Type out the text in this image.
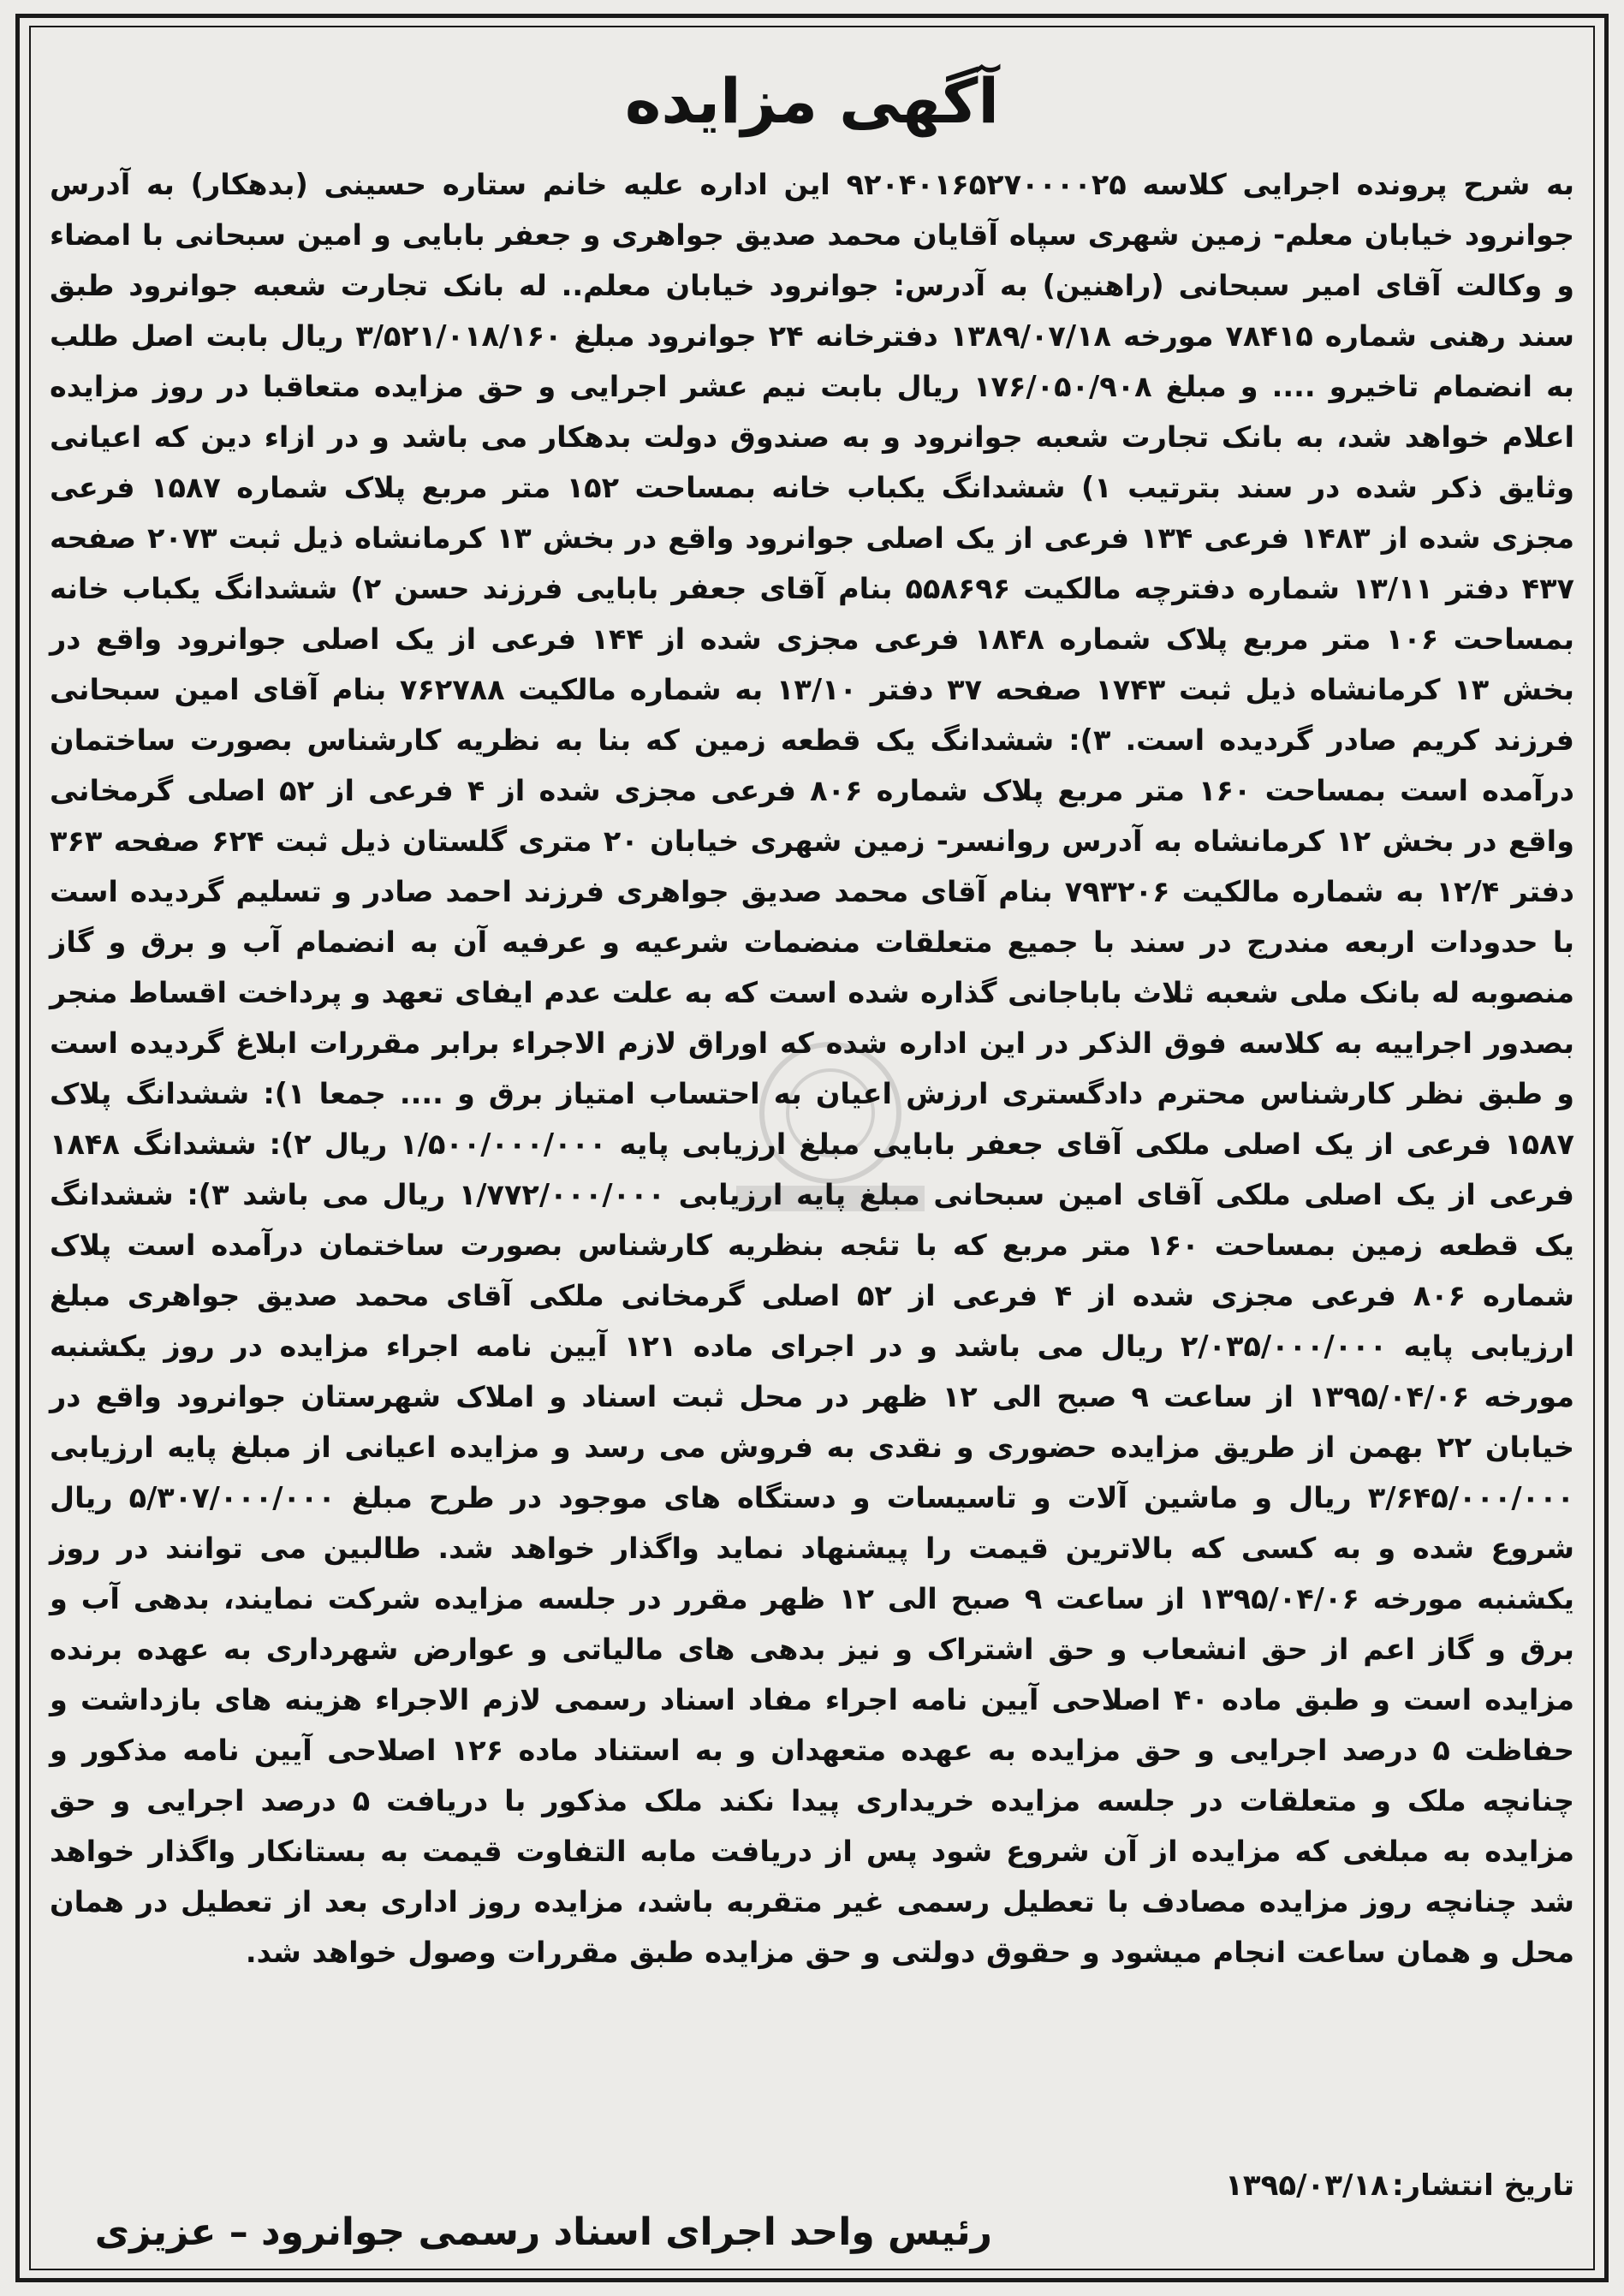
آگهی مزایده

به شرح پرونده اجرایی کلاسه ۹۲۰۴۰۱۶۵۲۷۰۰۰۰۲۵ این اداره علیه خانم ستاره حسینی (بدهکار) به آدرس جوانرود خیابان معلم- زمین شهری سپاه آقایان محمد صدیق جواهری و جعفر بابایی و امین سبحانی با امضاء و وکالت آقای امیر سبحانی (راهنین) به آدرس: جوانرود خیابان معلم.. له بانک تجارت شعبه جوانرود طبق سند رهنی شماره ۷۸۴۱۵ مورخه ۱۳۸۹/۰۷/۱۸ دفترخانه ۲۴ جوانرود مبلغ ۳/۵۲۱/۰۱۸/۱۶۰ ریال بابت اصل طلب به انضمام تاخیرو .... و مبلغ ۱۷۶/۰۵۰/۹۰۸ ریال بابت نیم عشر اجرایی و حق مزایده متعاقبا در روز مزایده اعلام خواهد شد، به بانک تجارت شعبه جوانرود و به صندوق دولت بدهکار می باشد و در ازاء دین که اعیانی وثایق ذکر شده در سند بترتیب ۱) ششدانگ یکباب خانه بمساحت ۱۵۲ متر مربع پلاک شماره ۱۵۸۷ فرعی مجزی شده از ۱۴۸۳ فرعی ۱۳۴ فرعی از یک اصلی جوانرود واقع در بخش ۱۳ کرمانشاه ذیل ثبت ۲۰۷۳ صفحه ۴۳۷ دفتر ۱۳/۱۱ شماره دفترچه مالکیت ۵۵۸۶۹۶ بنام آقای جعفر بابایی فرزند حسن ۲) ششدانگ یکباب خانه بمساحت ۱۰۶ متر مربع پلاک شماره ۱۸۴۸ فرعی مجزی شده از ۱۴۴ فرعی از یک اصلی جوانرود واقع در بخش ۱۳ کرمانشاه ذیل ثبت ۱۷۴۳ صفحه ۳۷ دفتر ۱۳/۱۰ به شماره مالکیت ۷۶۲۷۸۸ بنام آقای امین سبحانی فرزند کریم صادر گردیده است. ۳): ششدانگ یک قطعه زمین که بنا به نظریه کارشناس بصورت ساختمان درآمده است بمساحت ۱۶۰ متر مربع پلاک شماره ۸۰۶ فرعی مجزی شده از ۴ فرعی از ۵۲ اصلی گرمخانی واقع در بخش ۱۲ کرمانشاه به آدرس روانسر- زمین شهری خیابان ۲۰ متری گلستان ذیل ثبت ۶۲۴ صفحه ۳۶۳ دفتر ۱۲/۴ به شماره مالکیت ۷۹۳۲۰۶ بنام آقای محمد صدیق جواهری فرزند احمد صادر و تسلیم گردیده است با حدودات اربعه مندرج در سند با جمیع متعلقات منضمات شرعیه و عرفیه آن به انضمام آب و برق و گاز منصوبه له بانک ملی شعبه ثلاث باباجانی گذاره شده است که به علت عدم ایفای تعهد و پرداخت اقساط منجر بصدور اجراییه به کلاسه فوق الذکر در این اداره شده که اوراق لازم الاجراء برابر مقررات ابلاغ گردیده است و طبق نظر کارشناس محترم دادگستری ارزش اعیان به احتساب امتیاز برق و .... جمعا ۱): ششدانگ پلاک ۱۵۸۷ فرعی از یک اصلی ملکی آقای جعفر بابایی مبلغ ارزیابی پایه ۱/۵۰۰/۰۰۰/۰۰۰ ریال ۲): ششدانگ ۱۸۴۸ فرعی از یک اصلی ملکی آقای امین سبحانی مبلغ پایه ارزیابی ۱/۷۷۲/۰۰۰/۰۰۰ ریال می باشد ۳): ششدانگ یک قطعه زمین بمساحت ۱۶۰ متر مربع که با تئجه بنظریه کارشناس بصورت ساختمان درآمده است پلاک شماره ۸۰۶ فرعی مجزی شده از ۴ فرعی از ۵۲ اصلی گرمخانی ملکی آقای محمد صدیق جواهری مبلغ ارزیابی پایه ۲/۰۳۵/۰۰۰/۰۰۰ ریال می باشد و در اجرای ماده ۱۲۱ آیین نامه اجراء مزایده در روز یکشنبه مورخه ۱۳۹۵/۰۴/۰۶ از ساعت ۹ صبح الی ۱۲ ظهر در محل ثبت اسناد و املاک شهرستان جوانرود واقع در خیابان ۲۲ بهمن از طریق مزایده حضوری و نقدی به فروش می رسد و مزایده اعیانی از مبلغ پایه ارزیابی ۳/۶۴۵/۰۰۰/۰۰۰ ریال و ماشین آلات و تاسیسات و دستگاه های موجود در طرح مبلغ ۵/۳۰۷/۰۰۰/۰۰۰ ریال شروع شده و به کسی که بالاترین قیمت را پیشنهاد نماید واگذار خواهد شد. طالبین می توانند در روز یکشنبه مورخه ۱۳۹۵/۰۴/۰۶ از ساعت ۹ صبح الی ۱۲ ظهر مقرر در جلسه مزایده شرکت نمایند، بدهی آب و برق و گاز اعم از حق انشعاب و حق اشتراک و نیز بدهی های مالیاتی و عوارض شهرداری به عهده برنده مزایده است و طبق ماده ۴۰ اصلاحی آیین نامه اجراء مفاد اسناد رسمی لازم الاجراء هزینه های بازداشت و حفاظت ۵ درصد اجرایی و حق مزایده به عهده متعهدان و به استناد ماده ۱۲۶ اصلاحی آیین نامه مذکور و چنانچه ملک و متعلقات در جلسه مزایده خریداری پیدا نکند ملک مذکور با دریافت ۵ درصد اجرایی و حق مزایده به مبلغی که مزایده از آن شروع شود پس از دریافت مابه التفاوت قیمت به بستانکار واگذار خواهد شد چنانچه روز مزایده مصادف با تعطیل رسمی غیر متقربه باشد، مزایده روز اداری بعد از تعطیل در همان محل و همان ساعت انجام میشود و حقوق دولتی و حق مزایده طبق مقررات وصول خواهد شد.

تاریخ انتشار:۱۳۹۵/۰۳/۱۸
رئیس واحد اجرای اسناد رسمی جوانرود – عزیزی
